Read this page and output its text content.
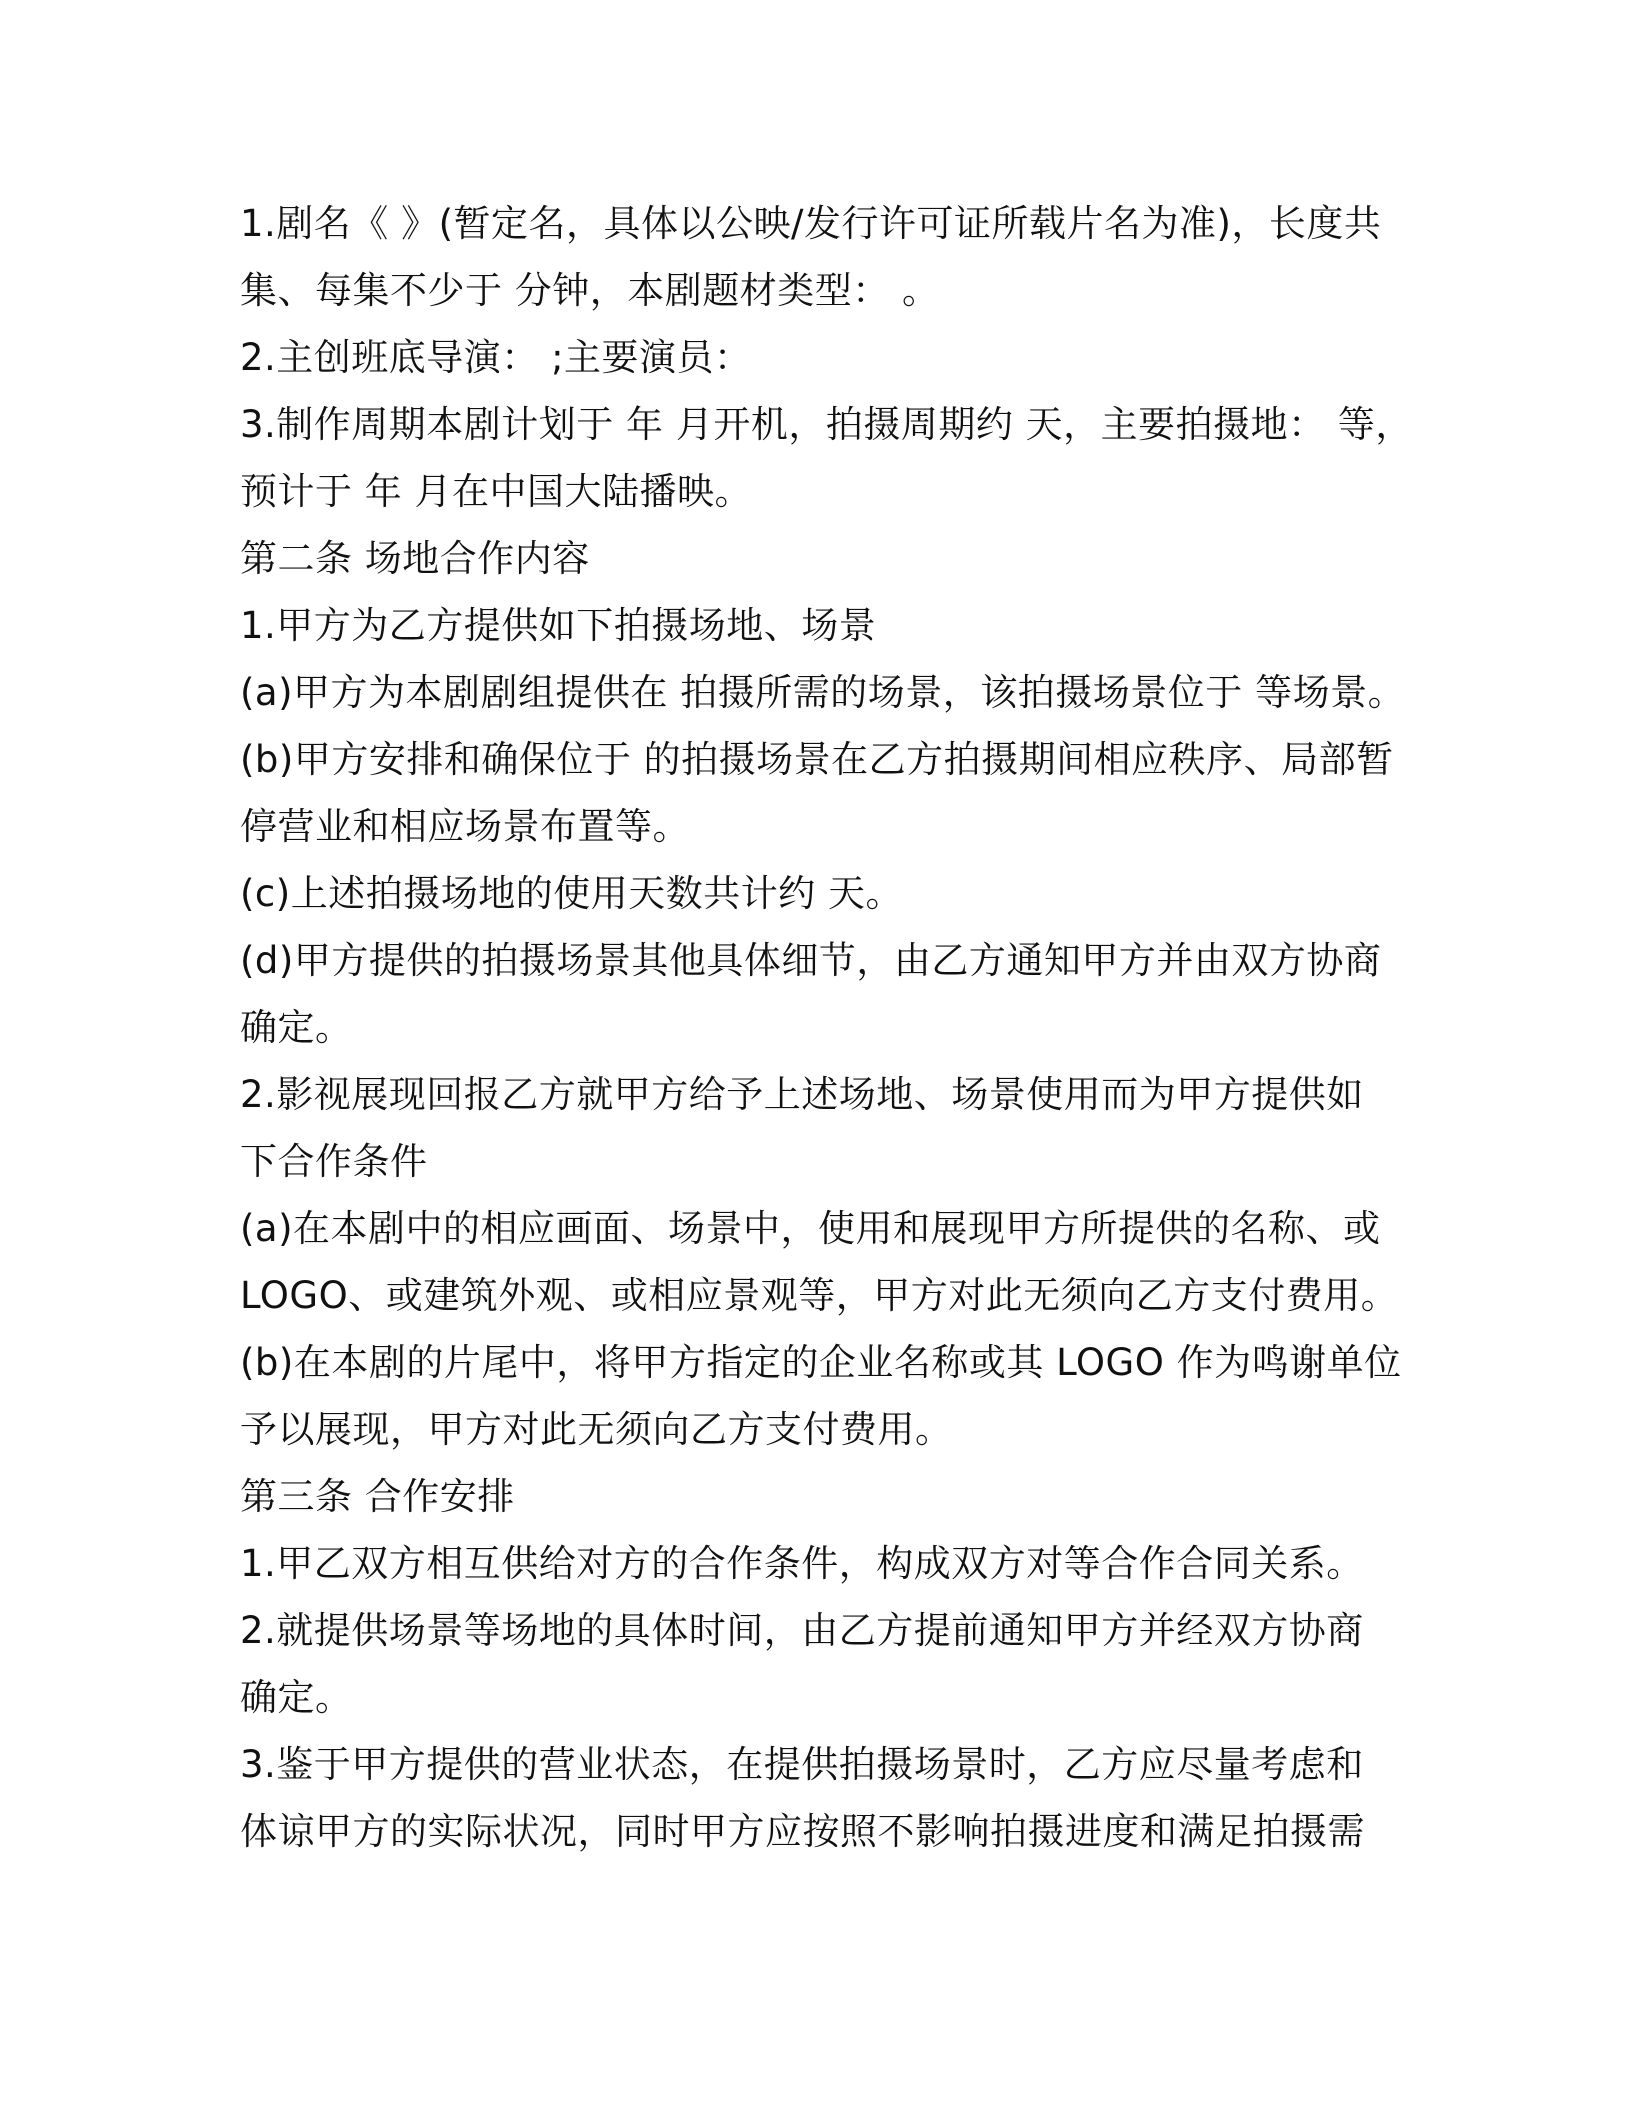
1.剧名《 》(暂定名，具体以公映/发行许可证所载片名为准)，长度共
集、每集不少于 分钟，本剧题材类型： 。
2.主创班底导演： ;主要演员：
3.制作周期本剧计划于 年 月开机，拍摄周期约 天，主要拍摄地： 等，
预计于 年 月在中国大陆播映。
第二条 场地合作内容
1.甲方为乙方提供如下拍摄场地、场景
(a)甲方为本剧剧组提供在 拍摄所需的场景，该拍摄场景位于 等场景。
(b)甲方安排和确保位于 的拍摄场景在乙方拍摄期间相应秩序、局部暂
停营业和相应场景布置等。
(c)上述拍摄场地的使用天数共计约 天。
(d)甲方提供的拍摄场景其他具体细节，由乙方通知甲方并由双方协商
确定。
2.影视展现回报乙方就甲方给予上述场地、场景使用而为甲方提供如
下合作条件
(a)在本剧中的相应画面、场景中，使用和展现甲方所提供的名称、或
LOGO、或建筑外观、或相应景观等，甲方对此无须向乙方支付费用。
(b)在本剧的片尾中，将甲方指定的企业名称或其 LOGO 作为鸣谢单位
予以展现，甲方对此无须向乙方支付费用。
第三条 合作安排
1.甲乙双方相互供给对方的合作条件，构成双方对等合作合同关系。
2.就提供场景等场地的具体时间，由乙方提前通知甲方并经双方协商
确定。
3.鉴于甲方提供的营业状态，在提供拍摄场景时，乙方应尽量考虑和
体谅甲方的实际状况，同时甲方应按照不影响拍摄进度和满足拍摄需
